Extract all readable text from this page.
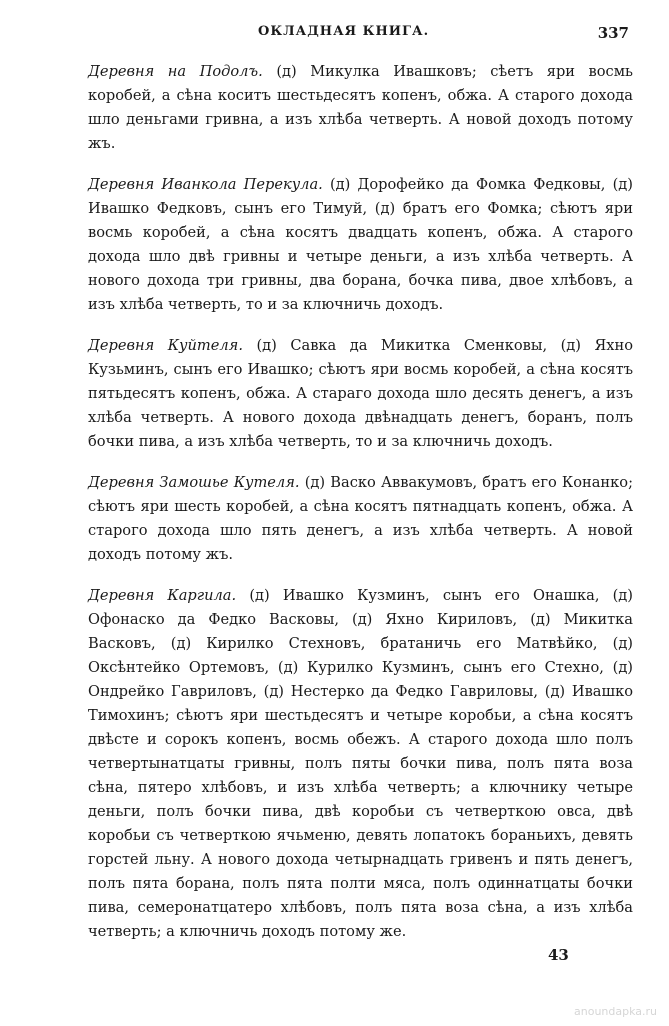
ОКЛАДНАЯ КНИГА.	337

Деревня на Подолъ. (д) Микулка Ивашковъ; сѣетъ яри восмь коробей, а сѣна коситъ шестьдесятъ копенъ, обжа. А старого дохода шло деньгами гривна, а изъ хлѣба четверть. А новой доходъ потому жъ.

Деревня Иванкола Перекула. (д) Дорофейко да Фомка Федковы, (д) Ивашко Федковъ, сынъ его Тимуй, (д) братъ его Фомка; сѣютъ яри восмь коробей, а сѣна косятъ двадцать копенъ, обжа. А старого дохода шло двѣ гривны и четыре деньги, а изъ хлѣба четверть. А нового дохода три гривны, два борана, бочка пива, двое хлѣбовъ, а изъ хлѣба четверть, то и за ключничь доходъ.

Деревня Куйтеля. (д) Савка да Микитка Сменковы, (д) Яхно Кузьминъ, сынъ его Ивашко; сѣютъ яри восмь коробей, а сѣна косятъ пятьдесятъ копенъ, обжа. А стараго дохода шло десять денегъ, а изъ хлѣба четверть. А нового дохода двѣнадцать денегъ, боранъ, полъ бочки пива, а изъ хлѣба четверть, то и за ключничь доходъ.

Деревня Замошье Кутеля. (д) Васко Аввакумовъ, братъ его Конанко; сѣютъ яри шесть коробей, а сѣна косятъ пятнадцать копенъ, обжа. А старого дохода шло пять денегъ, а изъ хлѣба четверть. А новой доходъ потому жъ.

Деревня Каргила. (д) Ивашко Кузминъ, сынъ его Онашка, (д) Офонаско да Федко Васковы, (д) Яхно Кириловъ, (д) Микитка Васковъ, (д) Кирилко Стехновъ, братаничь его Матвѣйко, (д) Оксѣнтейко Ортемовъ, (д) Курилко Кузминъ, сынъ его Стехно, (д) Ондрейко Гавриловъ, (д) Нестерко да Федко Гавриловы, (д) Ивашко Тимохинъ; сѣютъ яри шестьдесятъ и четыре коробьи, а сѣна косятъ двѣсте и сорокъ копенъ, восмь обежъ. А старого дохода шло полъ четвертынатцаты гривны, полъ пяты бочки пива, полъ пята воза сѣна, пятеро хлѣбовъ, и изъ хлѣба четверть; а ключнику четыре деньги, полъ бочки пива, двѣ коробьи съ четверткою овса, двѣ коробьи съ четверткою ячьменю, девять лопатокъ бораньихъ, девять горстей льну. А нового дохода четырнадцать гривенъ и пять денегъ, полъ пята борана, полъ пята полти мяса, полъ одиннатцаты бочки пива, семеронатцатеро хлѣбовъ, полъ пята воза сѣна, а изъ хлѣба четверть; а ключничь доходъ потому же.

43
anoundapka.ru
